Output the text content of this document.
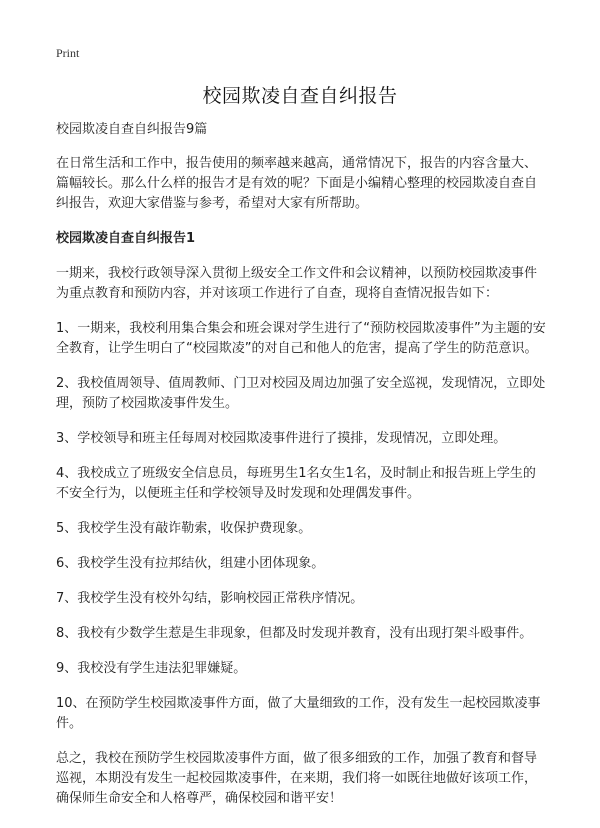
Print
校园欺凌自查自纠报告

校园欺凌自查自纠报告9篇

在日常生活和工作中，报告使用的频率越来越高，通常情况下，报告的内容含量大、篇幅较长。那么什么样的报告才是有效的呢？下面是小编精心整理的校园欺凌自查自纠报告，欢迎大家借鉴与参考，希望对大家有所帮助。

校园欺凌自查自纠报告1

一期来，我校行政领导深入贯彻上级安全工作文件和会议精神，以预防校园欺凌事件为重点教育和预防内容，并对该项工作进行了自查，现将自查情况报告如下：

1、一期来，我校利用集合集会和班会课对学生进行了“预防校园欺凌事件”为主题的安全教育，让学生明白了“校园欺凌”的对自己和他人的危害，提高了学生的防范意识。

2、我校值周领导、值周教师、门卫对校园及周边加强了安全巡视，发现情况，立即处理，预防了校园欺凌事件发生。

3、学校领导和班主任每周对校园欺凌事件进行了摸排，发现情况，立即处理。

4、我校成立了班级安全信息员，每班男生1名女生1名，及时制止和报告班上学生的不安全行为，以便班主任和学校领导及时发现和处理偶发事件。

5、我校学生没有敲诈勒索，收保护费现象。

6、我校学生没有拉邦结伙，组建小团体现象。

7、我校学生没有校外勾结，影响校园正常秩序情况。

8、我校有少数学生惹是生非现象，但都及时发现并教育，没有出现打架斗殴事件。

9、我校没有学生违法犯罪嫌疑。

10、在预防学生校园欺凌事件方面，做了大量细致的工作，没有发生一起校园欺凌事件。

总之，我校在预防学生校园欺凌事件方面，做了很多细致的工作，加强了教育和督导巡视，本期没有发生一起校园欺凌事件，在来期，我们将一如既往地做好该项工作，确保师生命安全和人格尊严，确保校园和谐平安！
